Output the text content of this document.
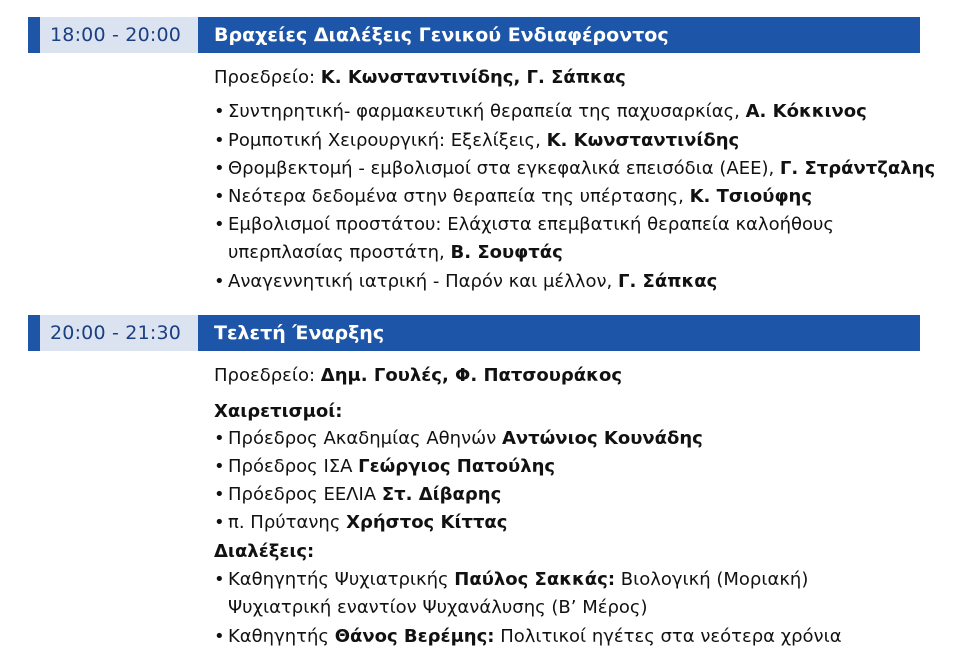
18:00 - 20:00	Βραχείες Διαλέξεις Γενικού Ενδιαφέροντος
Προεδρείο: Κ. Κωνσταντινίδης, Γ. Σάπκας
• Συντηρητική- φαρμακευτική θεραπεία της παχυσαρκίας, Α. Κόκκινος
• Ρομποτική Χειρουργική: Εξελίξεις, Κ. Κωνσταντινίδης
• Θρομβεκτομή - εμβολισμοί στα εγκεφαλικά επεισόδια (ΑΕΕ), Γ. Στράντζαλης
• Νεότερα δεδομένα στην θεραπεία της υπέρτασης, Κ. Τσιούφης
• Εμβολισμοί προστάτου: Ελάχιστα επεμβατική θεραπεία καλοήθους
υπερπλασίας προστάτη, Β. Σουφτάς
• Αναγεννητική ιατρική - Παρόν και μέλλον, Γ. Σάπκας
20:00 - 21:30	Τελετή Έναρξης
Προεδρείο: Δημ. Γουλές, Φ. Πατσουράκος
Χαιρετισμοί:
• Πρόεδρος Ακαδημίας Αθηνών Αντώνιος Κουνάδης
• Πρόεδρος ΙΣΑ Γεώργιος Πατούλης
• Πρόεδρος ΕΕΛΙΑ Στ. Δίβαρης
• π. Πρύτανης Χρήστος Κίττας
Διαλέξεις:
• Καθηγητής Ψυχιατρικής Παύλος Σακκάς: Βιολογική (Μοριακή)
Ψυχιατρική εναντίον Ψυχανάλυσης (Β’ Μέρος)
• Καθηγητής Θάνος Βερέμης: Πολιτικοί ηγέτες στα νεότερα χρόνια
